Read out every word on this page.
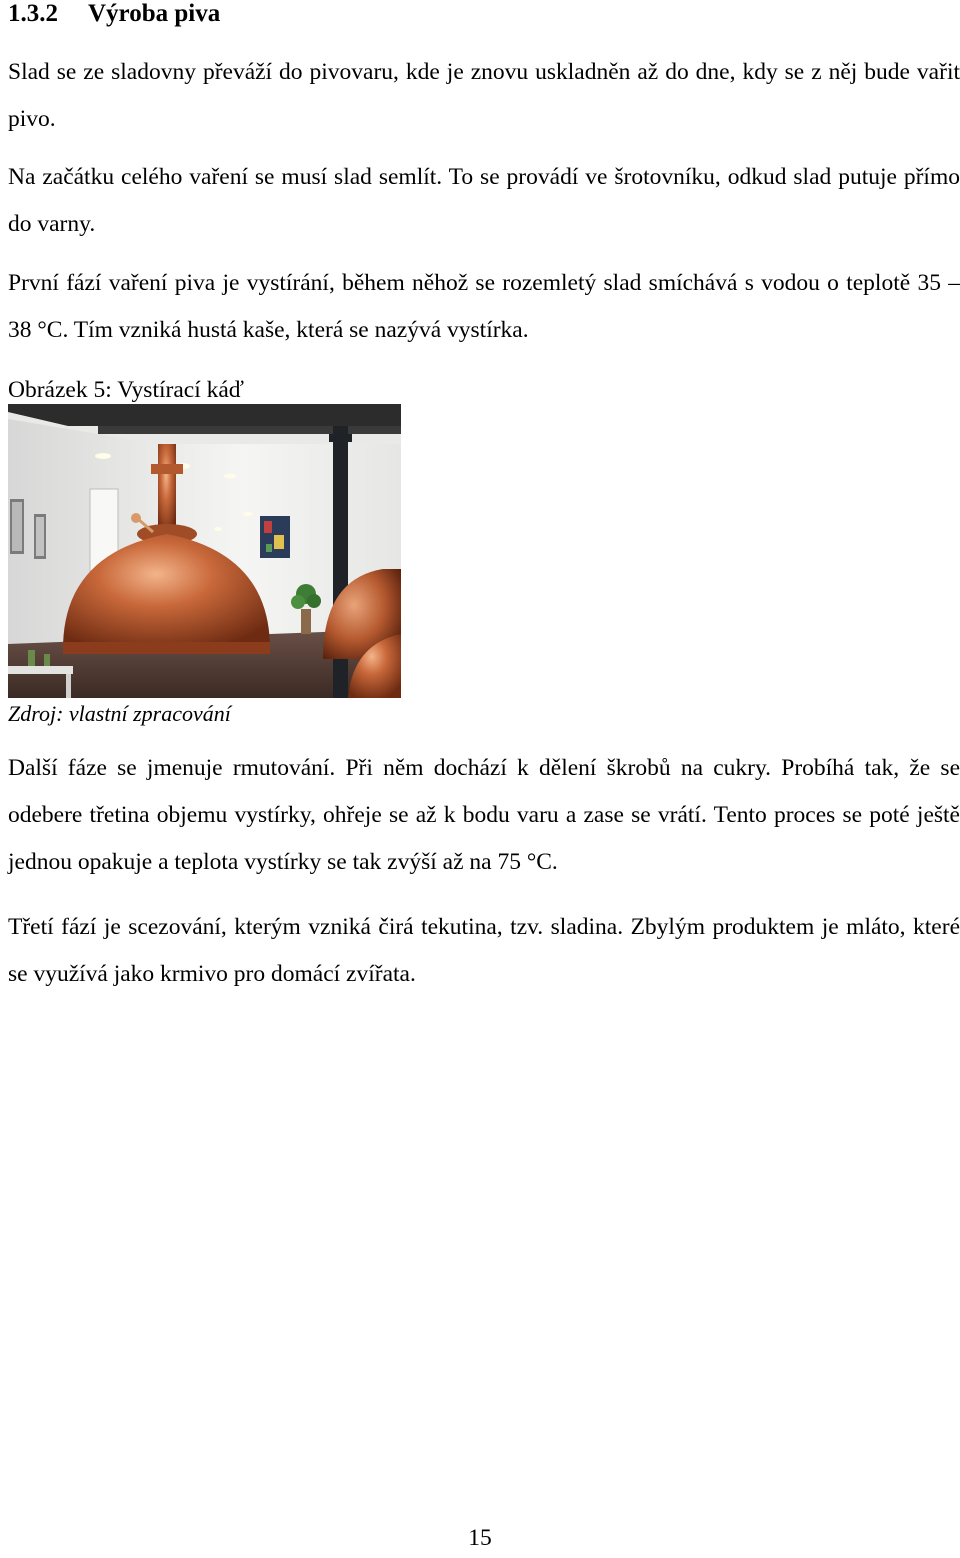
1.3.2 Výroba piva

Slad se ze sladovny převáží do pivovaru, kde je znovu uskladněn až do dne, kdy se z něj bude vařit pivo.

Na začátku celého vaření se musí slad semlít. To se provádí ve šrotovníku, odkud slad putuje přímo do varny.

První fází vaření piva je vystírání, během něhož se rozemletý slad smíchává s vodou o teplotě 35 – 38 °C. Tím vzniká hustá kaše, která se nazývá vystírka.

Obrázek 5: Vystírací káď
Zdroj: vlastní zpracování

Další fáze se jmenuje rmutování. Při něm dochází k dělení škrobů na cukry. Probíhá tak, že se odebere třetina objemu vystírky, ohřeje se až k bodu varu a zase se vrátí. Tento proces se poté ještě jednou opakuje a teplota vystírky se tak zvýší až na 75 °C.

Třetí fází je scezování, kterým vzniká čirá tekutina, tzv. sladina. Zbylým produktem je mláto, které se využívá jako krmivo pro domácí zvířata.

15
